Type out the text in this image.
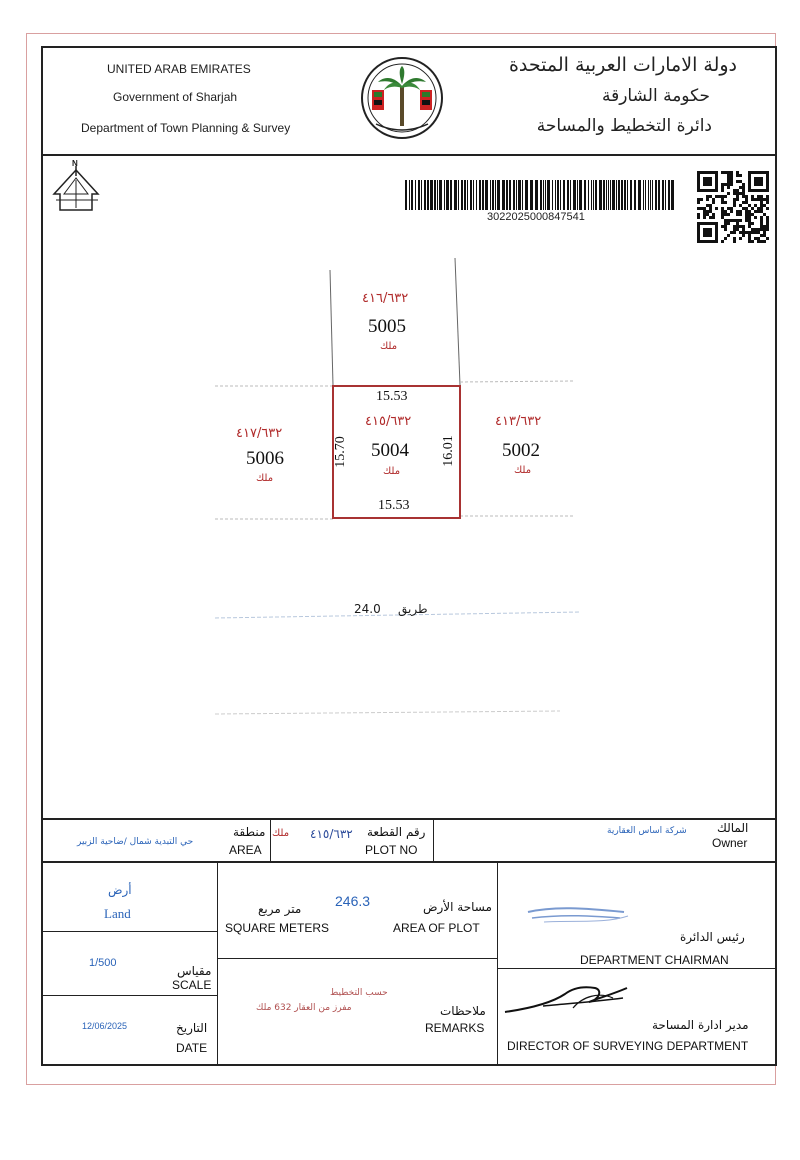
UNITED ARAB EMIRATES
Government of Sharjah
Department of Town Planning & Survey
دولة الامارات العربية المتحدة
حكومة الشارقة
دائرة التخطيط والمساحة
N
3022025000847541
٤١٦/٦٣٢
5005
ملك
٤١٥/٦٣٢
5004
ملك
٤١٧/٦٣٢
5006
ملك
٤١٣/٦٣٢
5002
ملك
15.53
15.53
15.70	16.01
24.0 طريق
حي التبدية شمال /ضاحية الزبير
منطقة
AREA
ملك ٤١٥/٦٣٢ رقم القطعة
PLOT NO
شركة اساس العقارية	المالك
Owner
أرض
Land
1/500
مقياس
SCALE
12/06/2025	التاريخ
DATE
246.3
متر مربع
SQUARE METERS
مساحة الأرض
AREA OF PLOT
حسب التخطيط
مفرز من العقار 632 ملك	ملاحظات
REMARKS
رئيس الدائرة
DEPARTMENT CHAIRMAN
مدير ادارة المساحة
DIRECTOR OF SURVEYING DEPARTMENT
